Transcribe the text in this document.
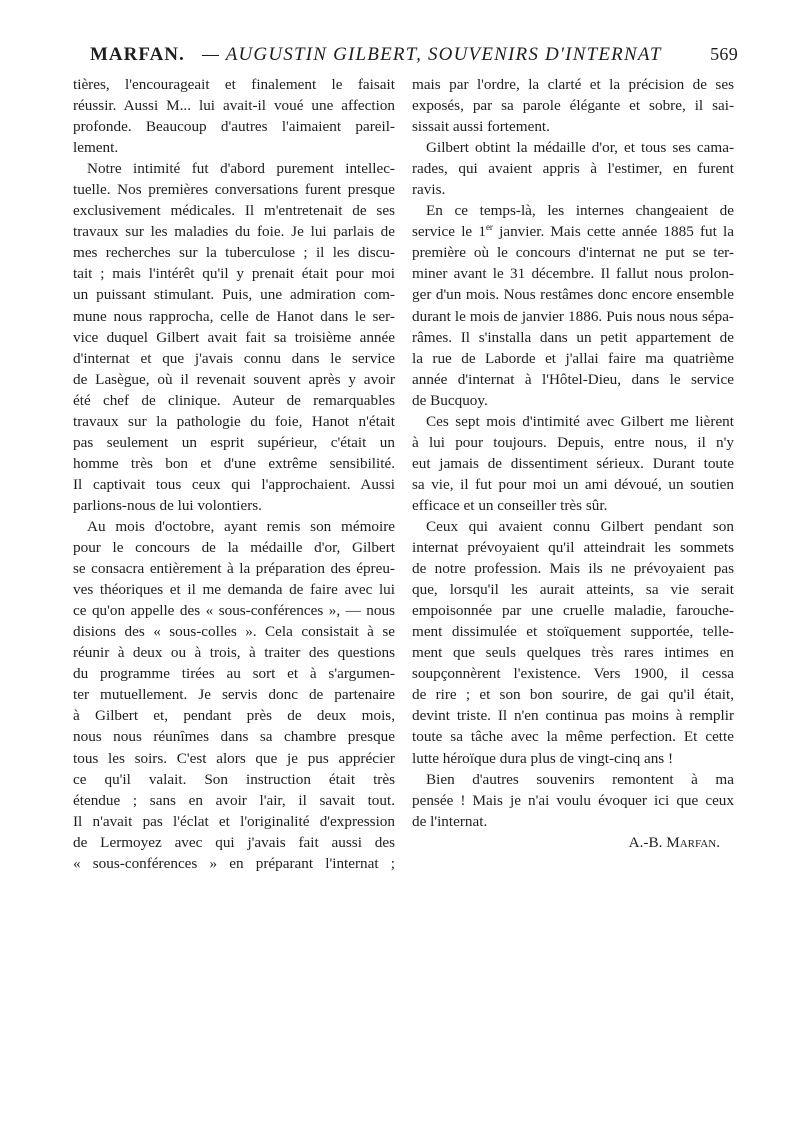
MARFAN. — AUGUSTIN GILBERT, SOUVENIRS D'INTERNAT	569
tières, l'encourageait et finalement le faisait
réussir. Aussi M... lui avait-il voué une affection
profonde. Beaucoup d'autres l'aimaient pareil-
lement.
Notre intimité fut d'abord purement intellec-
tuelle. Nos premières conversations furent presque
exclusivement médicales. Il m'entretenait de ses
travaux sur les maladies du foie. Je lui parlais de
mes recherches sur la tuberculose ; il les discu-
tait ; mais l'intérêt qu'il y prenait était pour moi
un puissant stimulant. Puis, une admiration com-
mune nous rapprocha, celle de Hanot dans le ser-
vice duquel Gilbert avait fait sa troisième année
d'internat et que j'avais connu dans le service
de Lasègue, où il revenait souvent après y avoir
été chef de clinique. Auteur de remarquables
travaux sur la pathologie du foie, Hanot n'était
pas seulement un esprit supérieur, c'était un
homme très bon et d'une extrême sensibilité.
Il captivait tous ceux qui l'approchaient. Aussi
parlions-nous de lui volontiers.
Au mois d'octobre, ayant remis son mémoire
pour le concours de la médaille d'or, Gilbert
se consacra entièrement à la préparation des épreu-
ves théoriques et il me demanda de faire avec lui
ce qu'on appelle des « sous-conférences », — nous
disions des « sous-colles ». Cela consistait à se
réunir à deux ou à trois, à traiter des questions
du programme tirées au sort et à s'argumen-
ter mutuellement. Je servis donc de partenaire
à Gilbert et, pendant près de deux mois,
nous nous réunîmes dans sa chambre presque
tous les soirs. C'est alors que je pus apprécier
ce qu'il valait. Son instruction était très
étendue ; sans en avoir l'air, il savait tout.
Il n'avait pas l'éclat et l'originalité d'expression
de Lermoyez avec qui j'avais fait aussi des
« sous-conférences » en préparant l'internat ;
mais par l'ordre, la clarté et la précision de ses
exposés, par sa parole élégante et sobre, il sai-
sissait aussi fortement.
Gilbert obtint la médaille d'or, et tous ses cama-
rades, qui avaient appris à l'estimer, en furent
ravis.
En ce temps-là, les internes changeaient de
service le 1er janvier. Mais cette année 1885 fut la
première où le concours d'internat ne put se ter-
miner avant le 31 décembre. Il fallut nous prolon-
ger d'un mois. Nous restâmes donc encore ensemble
durant le mois de janvier 1886. Puis nous nous sépa-
râmes. Il s'installa dans un petit appartement de
la rue de Laborde et j'allai faire ma quatrième
année d'internat à l'Hôtel-Dieu, dans le service
de Bucquoy.
Ces sept mois d'intimité avec Gilbert me lièrent
à lui pour toujours. Depuis, entre nous, il n'y
eut jamais de dissentiment sérieux. Durant toute
sa vie, il fut pour moi un ami dévoué, un soutien
efficace et un conseiller très sûr.
Ceux qui avaient connu Gilbert pendant son
internat prévoyaient qu'il atteindrait les sommets
de notre profession. Mais ils ne prévoyaient pas
que, lorsqu'il les aurait atteints, sa vie serait
empoisonnée par une cruelle maladie, farouche-
ment dissimulée et stoïquement supportée, telle-
ment que seuls quelques très rares intimes en
soupçonnèrent l'existence. Vers 1900, il cessa
de rire ; et son bon sourire, de gai qu'il était,
devint triste. Il n'en continua pas moins à remplir
toute sa tâche avec la même perfection. Et cette
lutte héroïque dura plus de vingt-cinq ans !
Bien d'autres souvenirs remontent à ma
pensée ! Mais je n'ai voulu évoquer ici que ceux
de l'internat.
A.-B. Marfan.
